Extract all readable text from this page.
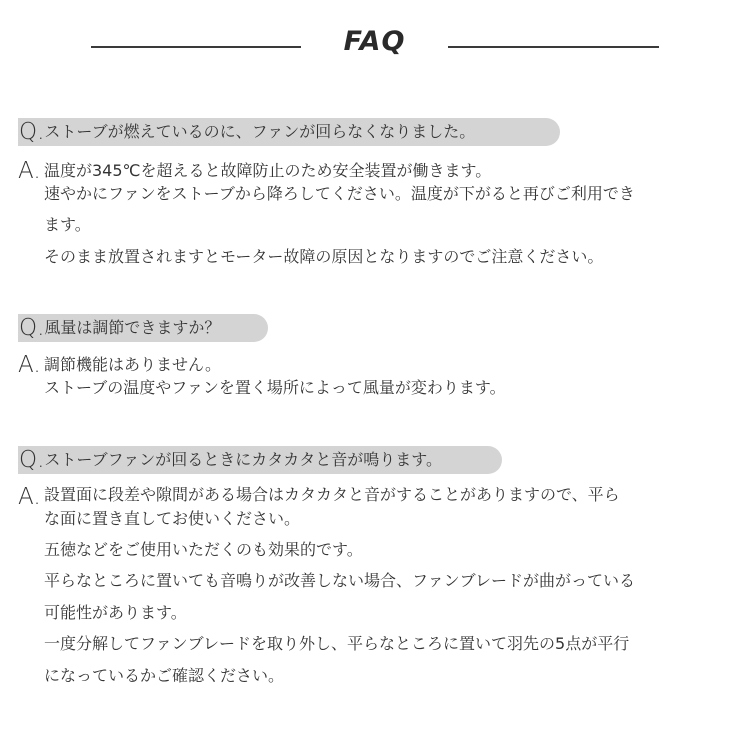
FAQ
Q. ストーブが燃えているのに、ファンが回らなくなりました。
A. 温度が345℃を超えると故障防止のため安全装置が働きます。
速やかにファンをストーブから降ろしてください。温度が下がると再びご利用でき
ます。
そのまま放置されますとモーター故障の原因となりますのでご注意ください。
Q. 風量は調節できますか？
A. 調節機能はありません。
ストーブの温度やファンを置く場所によって風量が変わります。
Q. ストーブファンが回るときにカタカタと音が鳴ります。
A. 設置面に段差や隙間がある場合はカタカタと音がすることがありますので、平ら
な面に置き直してお使いください。
五徳などをご使用いただくのも効果的です。
平らなところに置いても音鳴りが改善しない場合、ファンブレードが曲がっている
可能性があります。
一度分解してファンブレードを取り外し、平らなところに置いて羽先の5点が平行
になっているかご確認ください。
